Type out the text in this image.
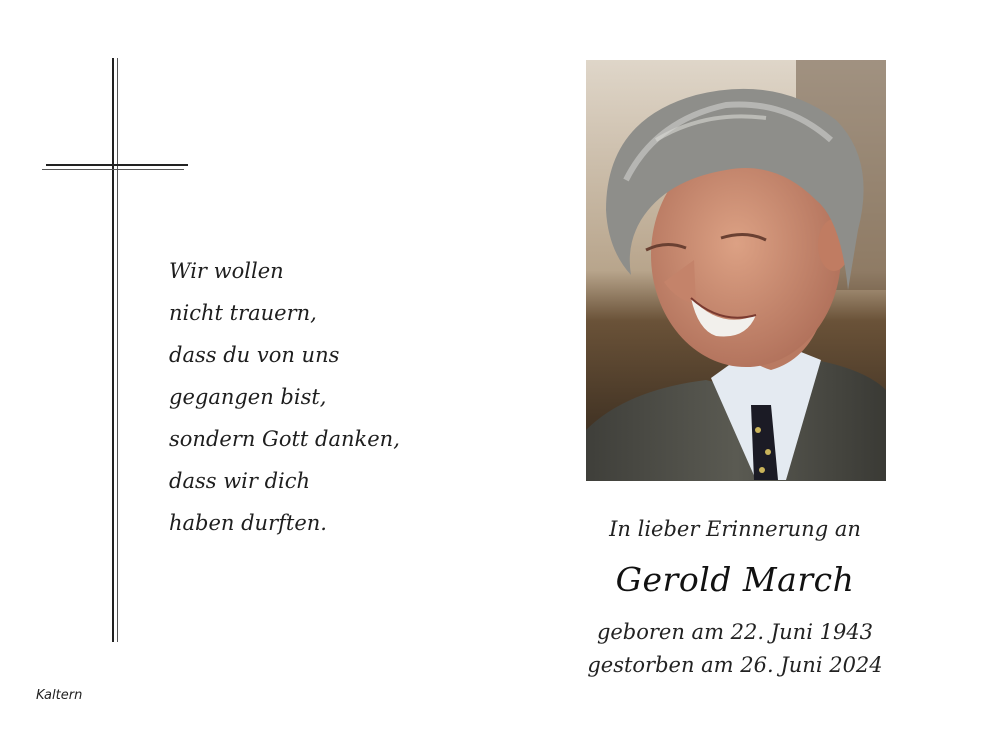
Wir wollen
nicht trauern,
dass du von uns
gegangen bist,
sondern Gott danken,
dass wir dich
haben durften.	In lieber Erinnerung an
Gerold March
geboren am 22. Juni 1943
gestorben am 26. Juni 2024
Kaltern
